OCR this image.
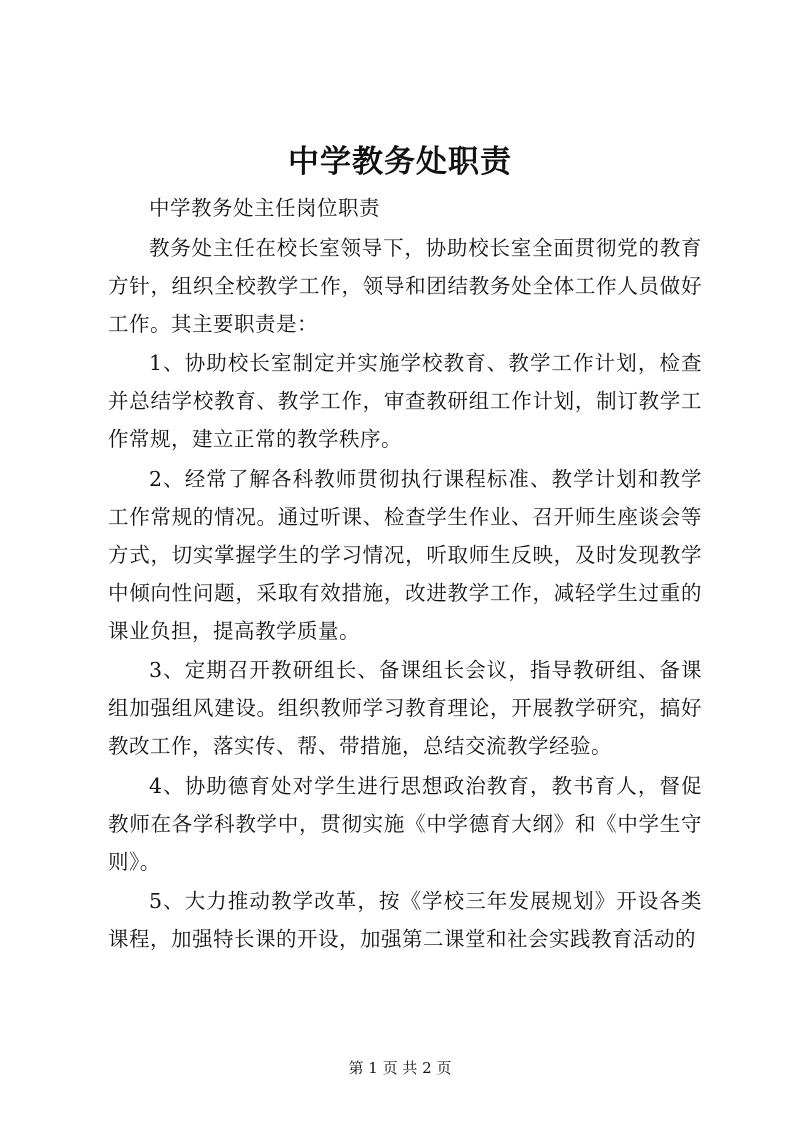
中学教务处职责

中学教务处主任岗位职责

教务处主任在校长室领导下，协助校长室全面贯彻党的教育方针，组织全校教学工作，领导和团结教务处全体工作人员做好工作。其主要职责是：

1、协助校长室制定并实施学校教育、教学工作计划，检查并总结学校教育、教学工作，审查教研组工作计划，制订教学工作常规，建立正常的教学秩序。

2、经常了解各科教师贯彻执行课程标准、教学计划和教学工作常规的情况。通过听课、检查学生作业、召开师生座谈会等方式，切实掌握学生的学习情况，听取师生反映，及时发现教学中倾向性问题，采取有效措施，改进教学工作，减轻学生过重的课业负担，提高教学质量。

3、定期召开教研组长、备课组长会议，指导教研组、备课组加强组风建设。组织教师学习教育理论，开展教学研究，搞好教改工作，落实传、帮、带措施，总结交流教学经验。

4、协助德育处对学生进行思想政治教育，教书育人，督促教师在各学科教学中，贯彻实施《中学德育大纲》和《中学生守则》。

5、大力推动教学改革，按《学校三年发展规划》开设各类课程，加强特长课的开设，加强第二课堂和社会实践教育活动的

第 1 页 共 2 页
